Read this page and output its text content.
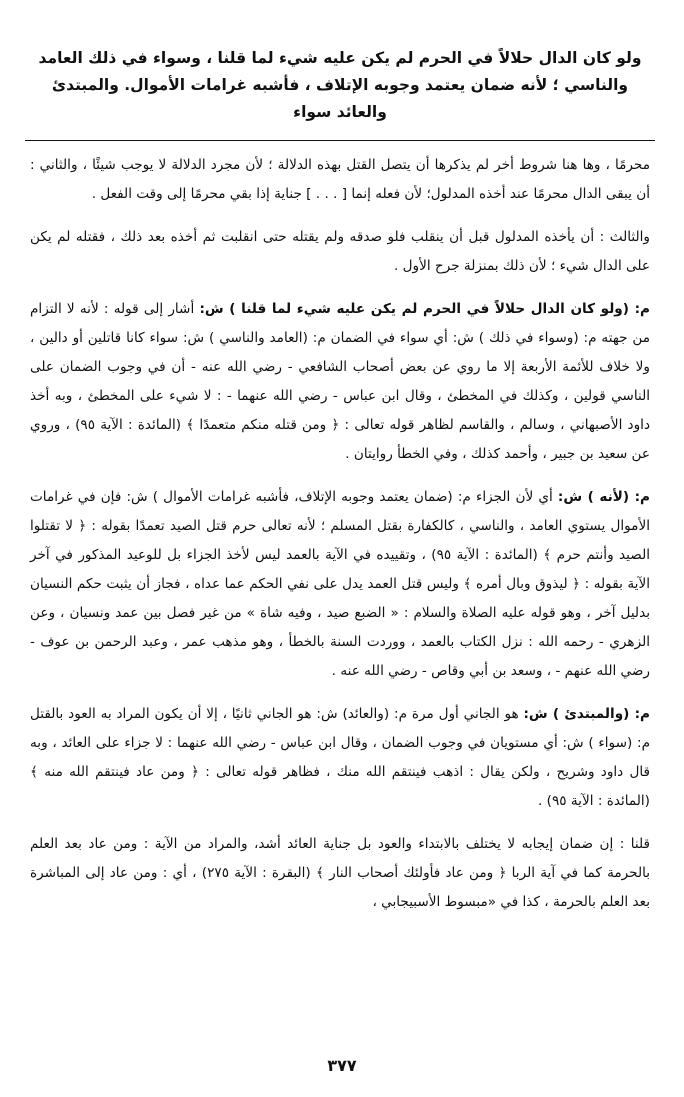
ولو كان الدال حلالاً في الحرم لم يكن عليه شيء لما قلنا ، وسواء في ذلك العامد والناسي ؛ لأنه ضمان يعتمد وجوبه الإتلاف ، فأشبه غرامات الأموال. والمبتدئ والعائد سواء

محرمًا ، وها هنا شروط أخر لم يذكرها أن يتصل القتل بهذه الدلالة ؛ لأن مجرد الدلالة لا يوجب شيئًا ، والثاني : أن يبقى الدال محرمًا عند أخذه المدلول؛ لأن فعله إنما [ . . . ] جناية إذا بقي محرمًا إلى وقت الفعل .

والثالث : أن يأخذه المدلول قبل أن ينقلب فلو صدقه ولم يقتله حتى انقلبت ثم أخذه بعد ذلك ، فقتله لم يكن على الدال شيء ؛ لأن ذلك بمنزلة جرح الأول .

م: (ولو كان الدال حلالاً في الحرم لم يكن عليه شيء لما قلنا ) ش: أشار إلى قوله : لأنه لا التزام من جهته م: (وسواء في ذلك ) ش: أي سواء في الضمان م: (العامد والناسي ) ش: سواء كانا قاتلين أو دالين ، ولا خلاف للأئمة الأربعة إلا ما روي عن بعض أصحاب الشافعي - رضي الله عنه - أن في وجوب الضمان على الناسي قولين ، وكذلك في المخطئ ، وقال ابن عباس - رضي الله عنهما - : لا شيء على المخطئ ، وبه أخذ داود الأصبهاني ، وسالم ، والقاسم لظاهر قوله تعالى : ﴿ ومن قتله منكم متعمدًا ﴾ (المائدة : الآية ٩٥) ، وروي عن سعيد بن جبير ، وأحمد كذلك ، وفي الخطأ روايتان .

م: (لأنه ) ش: أي لأن الجزاء م: (ضمان يعتمد وجوبه الإتلاف، فأشبه غرامات الأموال ) ش: فإن في غرامات الأموال يستوي العامد ، والناسي ، كالكفارة بقتل المسلم ؛ لأنه تعالى حرم قتل الصيد تعمدًا بقوله : ﴿ لا تقتلوا الصيد وأنتم حرم ﴾ (المائدة : الآية ٩٥) ، وتقييده في الآية بالعمد ليس لأخذ الجزاء بل للوعيد المذكور في آخر الآية بقوله : ﴿ ليذوق وبال أمره ﴾ وليس قتل العمد يدل على نفي الحكم عما عداه ، فجاز أن يثبت حكم النسيان بدليل آخر ، وهو قوله عليه الصلاة والسلام : « الضبع صيد ، وفيه شاة » من غير فصل بين عمد ونسيان ، وعن الزهري - رحمه الله : نزل الكتاب بالعمد ، ووردت السنة بالخطأ ، وهو مذهب عمر ، وعبد الرحمن بن عوف - رضي الله عنهم - ، وسعد بن أبي وقاص - رضي الله عنه .

م: (والمبتدئ ) ش: هو الجاني أول مرة م: (والعائد) ش: هو الجاني ثانيًا ، إلا أن يكون المراد به العود بالقتل م: (سواء ) ش: أي مستويان في وجوب الضمان ، وقال ابن عباس - رضي الله عنهما : لا جزاء على العائد ، وبه قال داود وشريح ، ولكن يقال : اذهب فينتقم الله منك ، فظاهر قوله تعالى : ﴿ ومن عاد فينتقم الله منه ﴾ (المائدة : الآية ٩٥) .

قلنا : إن ضمان إيجابه لا يختلف بالابتداء والعود بل جناية العائد أشد، والمراد من الآية : ومن عاد بعد العلم بالحرمة كما في آية الربا ﴿ ومن عاد فأولئك أصحاب النار ﴾ (البقرة : الآية ٢٧٥) ، أي : ومن عاد إلى المباشرة بعد العلم بالحرمة ، كذا في «مبسوط الأسبيجابي ،

٣٧٧
